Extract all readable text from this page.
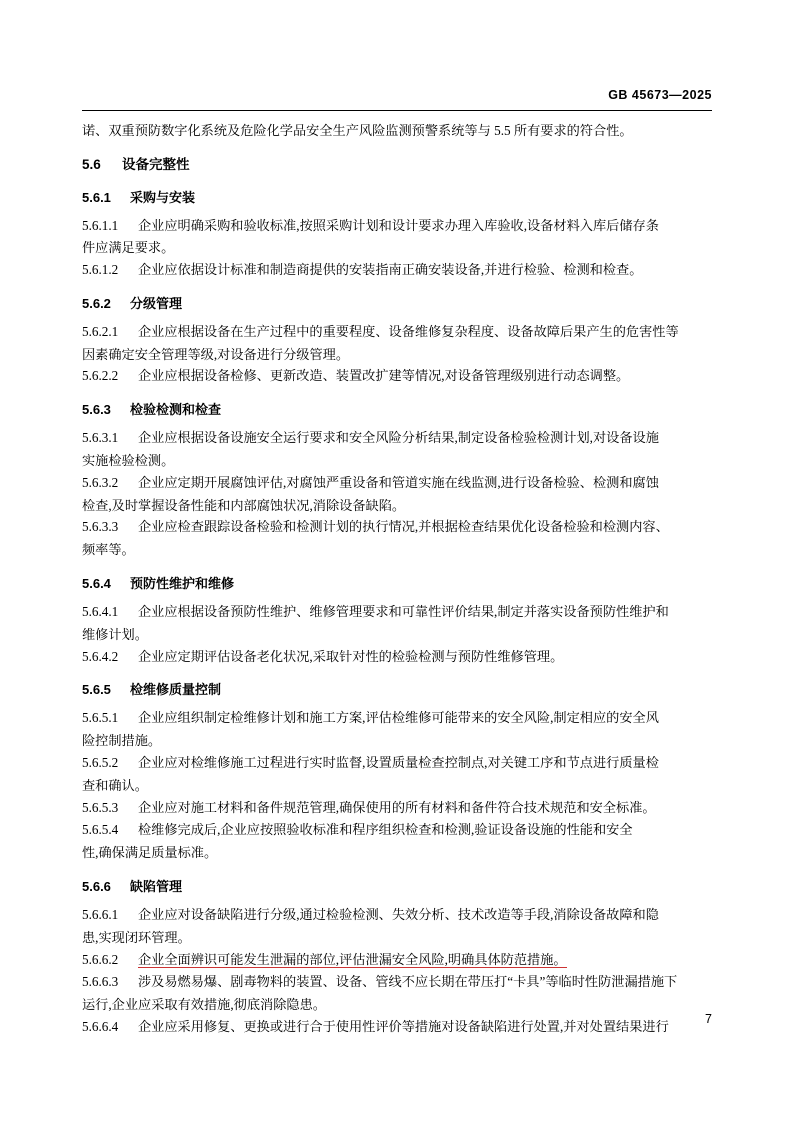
GB 45673—2025

诺、双重预防数字化系统及危险化学品安全生产风险监测预警系统等与 5.5 所有要求的符合性。

5.6 设备完整性
5.6.1 采购与安装

5.6.1.1 企业应明确采购和验收标准,按照采购计划和设计要求办理入库验收,设备材料入库后储存条

件应满足要求。

5.6.1.2 企业应依据设计标准和制造商提供的安装指南正确安装设备,并进行检验、检测和检查。

5.6.2 分级管理

5.6.2.1 企业应根据设备在生产过程中的重要程度、设备维修复杂程度、设备故障后果产生的危害性等

因素确定安全管理等级,对设备进行分级管理。

5.6.2.2 企业应根据设备检修、更新改造、装置改扩建等情况,对设备管理级别进行动态调整。

5.6.3 检验检测和检查

5.6.3.1 企业应根据设备设施安全运行要求和安全风险分析结果,制定设备检验检测计划,对设备设施

实施检验检测。

5.6.3.2 企业应定期开展腐蚀评估,对腐蚀严重设备和管道实施在线监测,进行设备检验、检测和腐蚀

检查,及时掌握设备性能和内部腐蚀状况,消除设备缺陷。

5.6.3.3 企业应检查跟踪设备检验和检测计划的执行情况,并根据检查结果优化设备检验和检测内容、

频率等。

5.6.4 预防性维护和维修

5.6.4.1 企业应根据设备预防性维护、维修管理要求和可靠性评价结果,制定并落实设备预防性维护和

维修计划。

5.6.4.2 企业应定期评估设备老化状况,采取针对性的检验检测与预防性维修管理。

5.6.5 检维修质量控制

5.6.5.1 企业应组织制定检维修计划和施工方案,评估检维修可能带来的安全风险,制定相应的安全风

险控制措施。

5.6.5.2 企业应对检维修施工过程进行实时监督,设置质量检查控制点,对关键工序和节点进行质量检

查和确认。

5.6.5.3 企业应对施工材料和备件规范管理,确保使用的所有材料和备件符合技术规范和安全标准。

5.6.5.4 检维修完成后,企业应按照验收标准和程序组织检查和检测,验证设备设施的性能和安全

性,确保满足质量标准。

5.6.6 缺陷管理

5.6.6.1 企业应对设备缺陷进行分级,通过检验检测、失效分析、技术改造等手段,消除设备故障和隐

患,实现闭环管理。

5.6.6.2 企业全面辨识可能发生泄漏的部位,评估泄漏安全风险,明确具体防范措施。

5.6.6.3 涉及易燃易爆、剧毒物料的装置、设备、管线不应长期在带压打“卡具”等临时性防泄漏措施下

运行,企业应采取有效措施,彻底消除隐患。

5.6.6.4 企业应采用修复、更换或进行合于使用性评价等措施对设备缺陷进行处置,并对处置结果进行

7
